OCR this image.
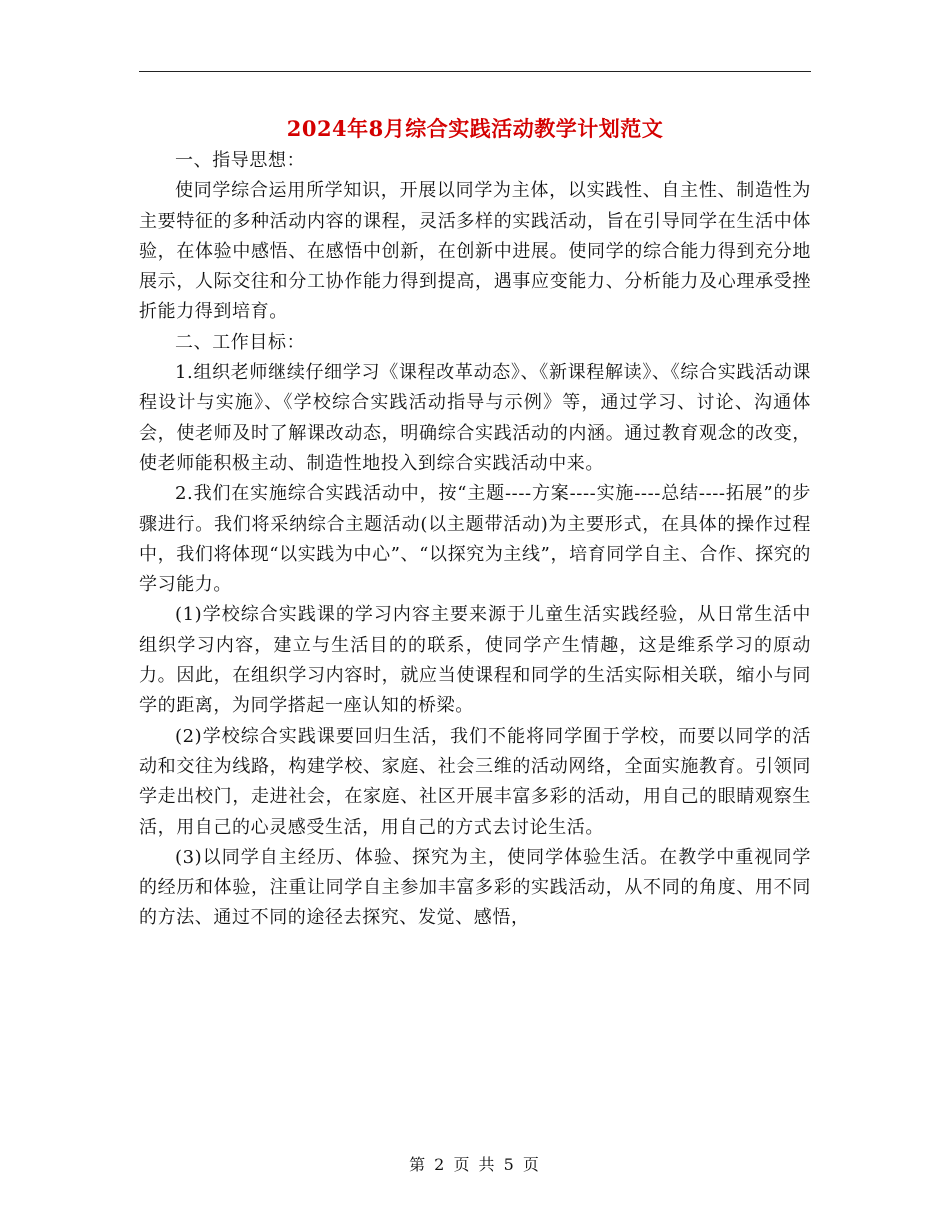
2024年8月综合实践活动教学计划范文

一、指导思想：

使同学综合运用所学知识，开展以同学为主体，以实践性、自主性、制造性为主要特征的多种活动内容的课程，灵活多样的实践活动，旨在引导同学在生活中体验，在体验中感悟、在感悟中创新，在创新中进展。使同学的综合能力得到充分地展示，人际交往和分工协作能力得到提高，遇事应变能力、分析能力及心理承受挫折能力得到培育。

二、工作目标：

1.组织老师继续仔细学习《课程改革动态》、《新课程解读》、《综合实践活动课程设计与实施》、《学校综合实践活动指导与示例》等，通过学习、讨论、沟通体会，使老师及时了解课改动态，明确综合实践活动的内涵。通过教育观念的改变，使老师能积极主动、制造性地投入到综合实践活动中来。

2.我们在实施综合实践活动中，按“主题----方案----实施----总结----拓展”的步骤进行。我们将采纳综合主题活动(以主题带活动)为主要形式，在具体的操作过程中，我们将体现“以实践为中心”、“以探究为主线”，培育同学自主、合作、探究的学习能力。

(1)学校综合实践课的学习内容主要来源于儿童生活实践经验，从日常生活中组织学习内容，建立与生活目的的联系，使同学产生情趣，这是维系学习的原动力。因此，在组织学习内容时，就应当使课程和同学的生活实际相关联，缩小与同学的距离，为同学搭起一座认知的桥梁。

(2)学校综合实践课要回归生活，我们不能将同学囿于学校，而要以同学的活动和交往为线路，构建学校、家庭、社会三维的活动网络，全面实施教育。引领同学走出校门，走进社会，在家庭、社区开展丰富多彩的活动，用自己的眼睛观察生活，用自己的心灵感受生活，用自己的方式去讨论生活。

(3)以同学自主经历、体验、探究为主，使同学体验生活。在教学中重视同学的经历和体验，注重让同学自主参加丰富多彩的实践活动，从不同的角度、用不同的方法、通过不同的途径去探究、发觉、感悟，

第 2 页 共 5 页
